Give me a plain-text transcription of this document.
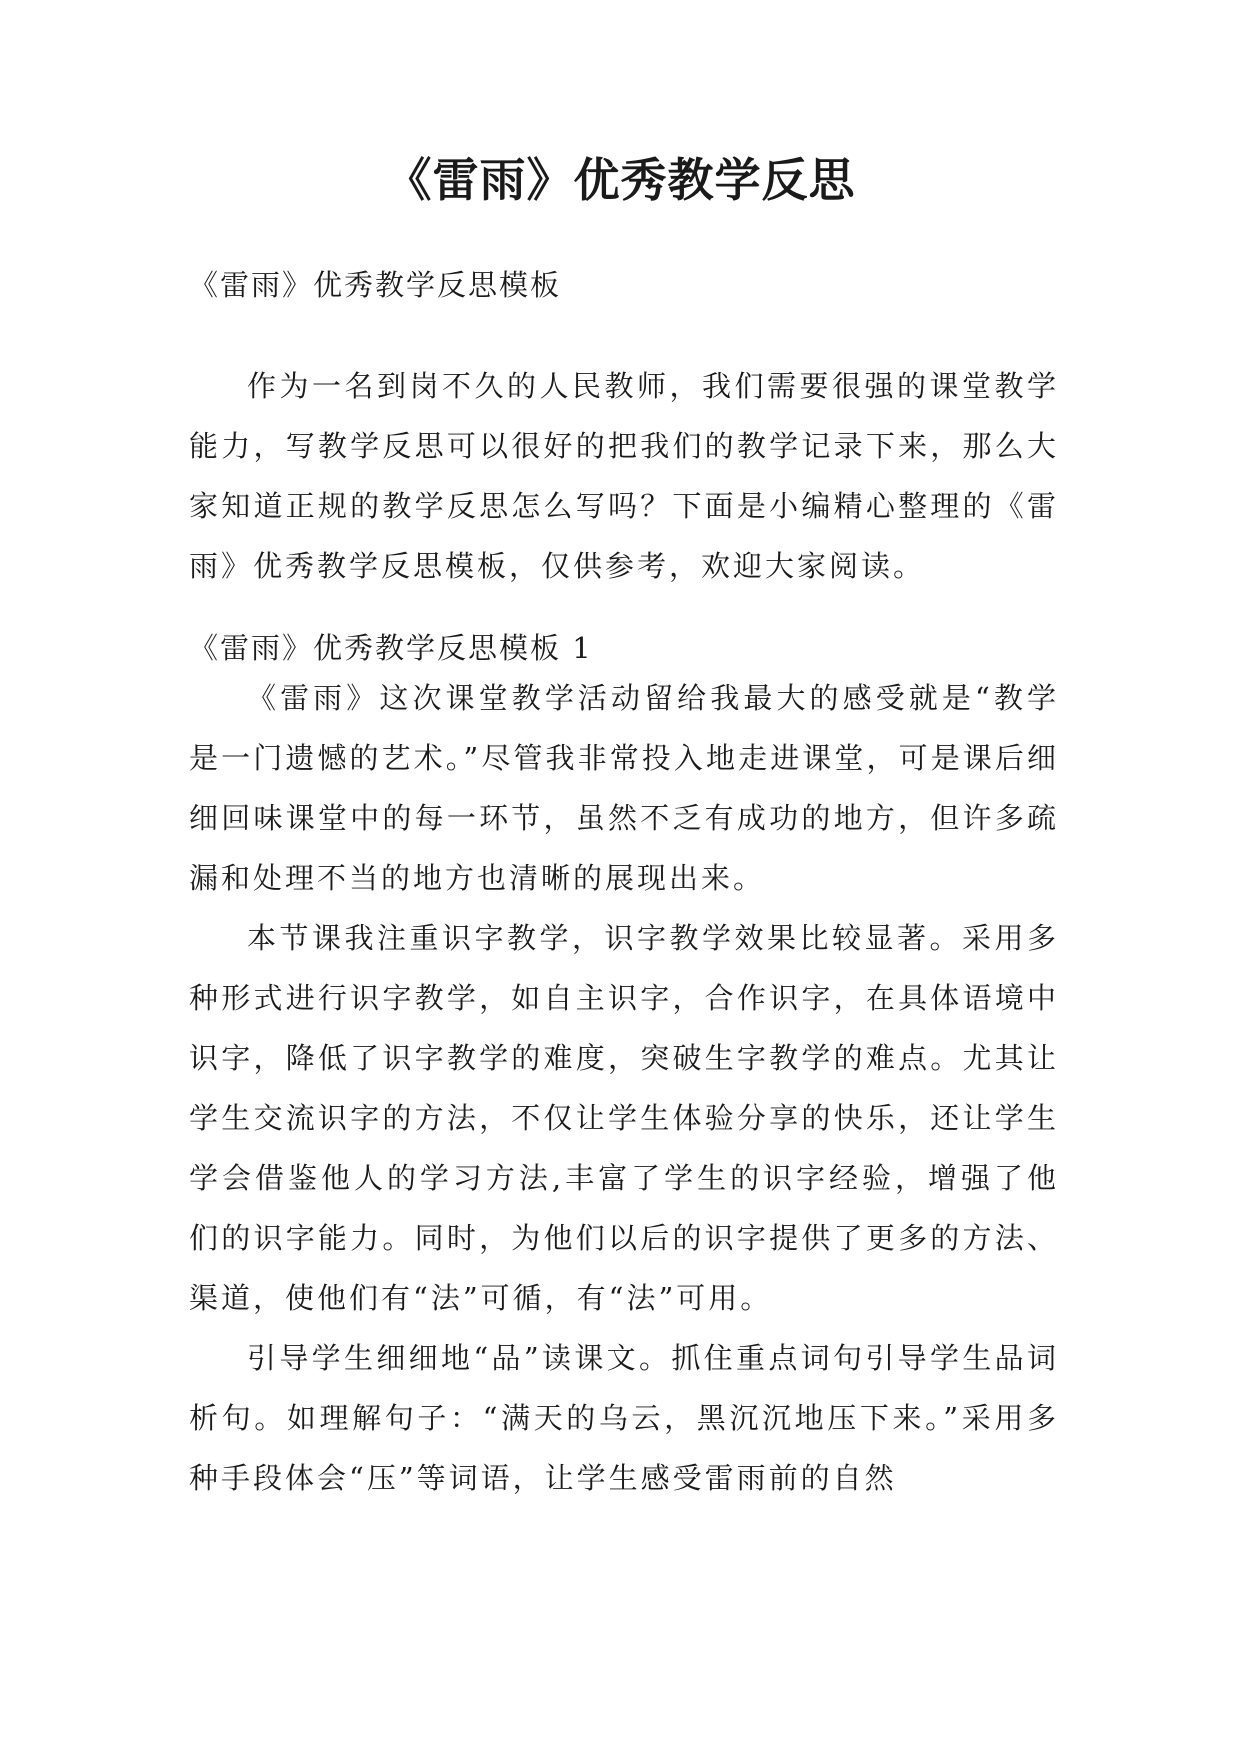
《雷雨》优秀教学反思

《雷雨》优秀教学反思模板

作为一名到岗不久的人民教师，我们需要很强的课堂教学能力，写教学反思可以很好的把我们的教学记录下来，那么大家知道正规的教学反思怎么写吗？下面是小编精心整理的《雷雨》优秀教学反思模板，仅供参考，欢迎大家阅读。

《雷雨》优秀教学反思模板 1

《雷雨》这次课堂教学活动留给我最大的感受就是“教学是一门遗憾的艺术。”尽管我非常投入地走进课堂，可是课后细细回味课堂中的每一环节，虽然不乏有成功的地方，但许多疏漏和处理不当的地方也清晰的展现出来。

本节课我注重识字教学，识字教学效果比较显著。采用多种形式进行识字教学，如自主识字，合作识字，在具体语境中识字，降低了识字教学的难度，突破生字教学的难点。尤其让学生交流识字的方法，不仅让学生体验分享的快乐，还让学生学会借鉴他人的学习方法,丰富了学生的识字经验，增强了他们的识字能力。同时，为他们以后的识字提供了更多的方法、渠道，使他们有“法”可循，有“法”可用。

引导学生细细地“品”读课文。抓住重点词句引导学生品词析句。如理解句子：“满天的乌云，黑沉沉地压下来。”采用多种手段体会“压”等词语，让学生感受雷雨前的自然
